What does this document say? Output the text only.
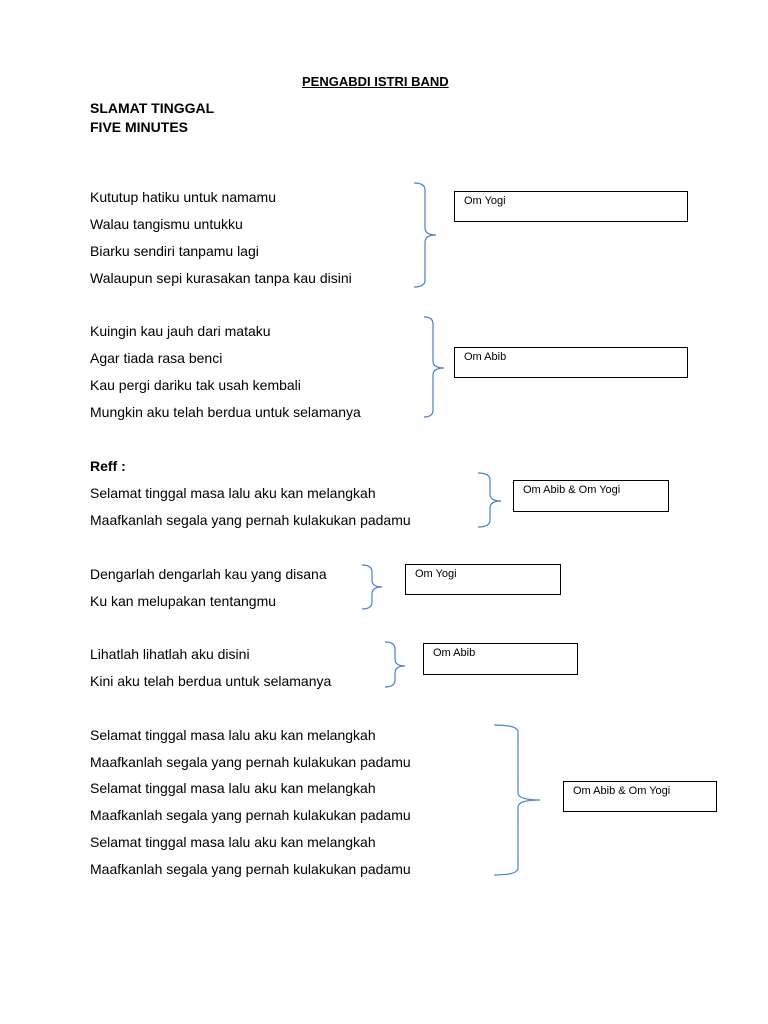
PENGABDI ISTRI BAND
SLAMAT TINGGAL
FIVE MINUTES
Kututup hatiku untuk namamu
Walau tangismu untukku
Biarku sendiri tanpamu lagi
Walaupun sepi kurasakan tanpa kau disini
Om Yogi
Kuingin kau jauh dari mataku
Agar tiada rasa benci
Kau pergi dariku tak usah kembali
Mungkin aku telah berdua untuk selamanya
Om Abib
Reff :
Selamat tinggal masa lalu aku kan melangkah
Maafkanlah segala yang pernah kulakukan padamu
Om Abib & Om Yogi
Dengarlah dengarlah kau yang disana
Ku kan melupakan tentangmu
Om Yogi
Lihatlah lihatlah aku disini
Kini aku telah berdua untuk selamanya
Om Abib
Selamat tinggal masa lalu aku kan melangkah
Maafkanlah segala yang pernah kulakukan padamu
Selamat tinggal masa lalu aku kan melangkah
Maafkanlah segala yang pernah kulakukan padamu
Selamat tinggal masa lalu aku kan melangkah
Maafkanlah segala yang pernah kulakukan padamu
Om Abib & Om Yogi
